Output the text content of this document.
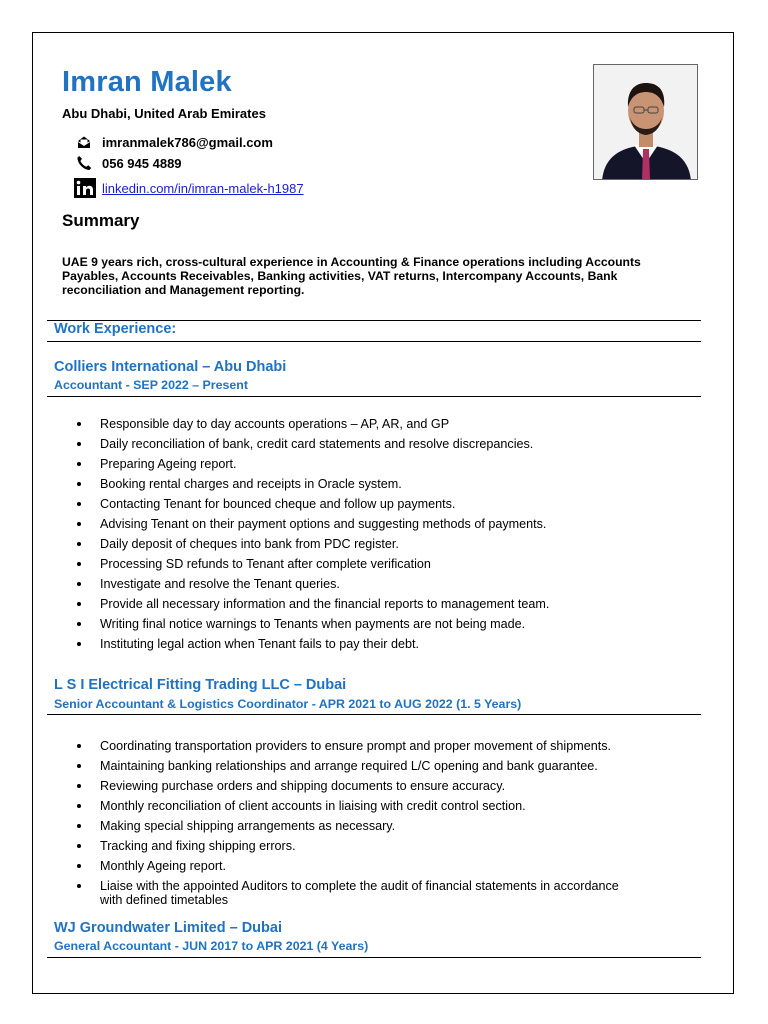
Imran Malek
Abu Dhabi, United Arab Emirates
imranmalek786@gmail.com
056 945 4889
linkedin.com/in/imran-malek-h1987
Summary

UAE 9 years rich, cross-cultural experience in Accounting & Finance operations including Accounts Payables, Accounts Receivables, Banking activities, VAT returns, Intercompany Accounts, Bank reconciliation and Management reporting.

Work Experience:
Colliers International – Abu Dhabi
Accountant - SEP 2022 – Present
Responsible day to day accounts operations – AP, AR, and GP
Daily reconciliation of bank, credit card statements and resolve discrepancies.
Preparing Ageing report.
Booking rental charges and receipts in Oracle system.
Contacting Tenant for bounced cheque and follow up payments.
Advising Tenant on their payment options and suggesting methods of payments.
Daily deposit of cheques into bank from PDC register.
Processing SD refunds to Tenant after complete verification
Investigate and resolve the Tenant queries.
Provide all necessary information and the financial reports to management team.
Writing final notice warnings to Tenants when payments are not being made.
Instituting legal action when Tenant fails to pay their debt.
L S I Electrical Fitting Trading LLC – Dubai
Senior Accountant & Logistics Coordinator - APR 2021 to AUG 2022 (1. 5 Years)
Coordinating transportation providers to ensure prompt and proper movement of shipments.
Maintaining banking relationships and arrange required L/C opening and bank guarantee.
Reviewing purchase orders and shipping documents to ensure accuracy.
Monthly reconciliation of client accounts in liaising with credit control section.
Making special shipping arrangements as necessary.
Tracking and fixing shipping errors.
Monthly Ageing report.
Liaise with the appointed Auditors to complete the audit of financial statements in accordance with defined timetables
WJ Groundwater Limited – Dubai
General Accountant - JUN 2017 to APR 2021 (4 Years)
